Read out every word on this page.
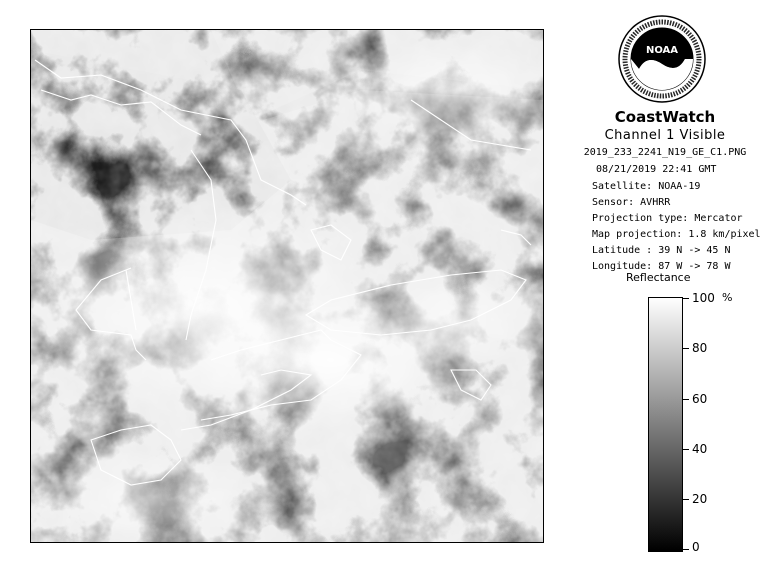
NOAA
CoastWatch
Channel 1 Visible
2019_233_2241_N19_GE_C1.PNG
08/21/2019 22:41 GMT
Satellite: NOAA-19
Sensor: AVHRR
Projection type: Mercator
Map projection: 1.8 km/pixel
Latitude : 39 N -> 45 N
Longitude: 87 W -> 78 W
Reflectance
%
100
80
60
40
20
0
